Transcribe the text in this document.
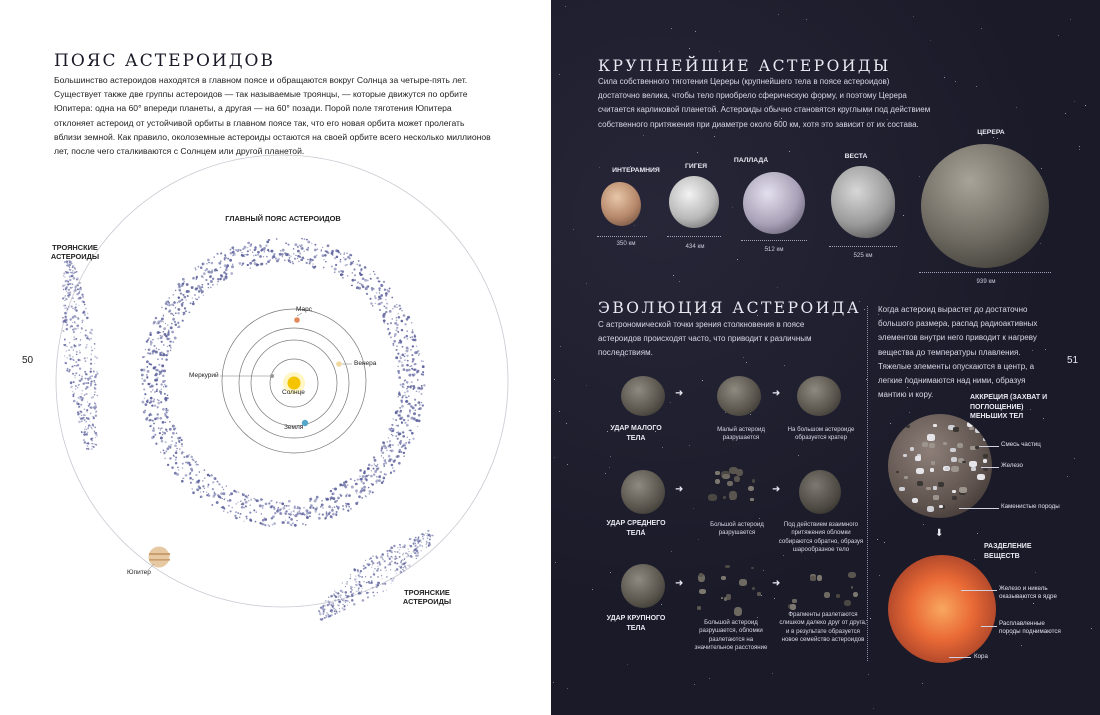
ПОЯС АСТЕРОИДОВ

Большинство астероидов находятся в главном поясе и обращаются вокруг Солнца за четыре-пять лет. Существует также две группы астероидов — так называемые троянцы, — которые движутся по орбите Юпитера: одна на 60° впереди планеты, а другая — на 60° позади. Порой поле тяготения Юпитера отклоняет астероид от устойчивой орбиты в главном поясе так, что его новая орбита может пролегать вблизи земной. Как правило, околоземные астероиды остаются на своей орбите всего несколько миллионов лет, после чего сталкиваются с Солнцем или другой планетой.

50
ГЛАВНЫЙ ПОЯС АСТЕРОИДОВ
ТРОЯНСКИЕ
АСТЕРОИДЫ
ТРОЯНСКИЕ
АСТЕРОИДЫ
Марс
Венера
Меркурий
Солнце
Земля
Юпитер
51
КРУПНЕЙШИЕ АСТЕРОИДЫ

Сила собственного тяготения Цереры (крупнейшего тела в поясе астероидов) достаточно велика, чтобы тело приобрело сферическую форму, и поэтому Церера считается карликовой планетой. Астероиды обычно становятся круглыми под действием собственного притяжения при диаметре около 600 км, хотя это зависит от их состава.

ИНТЕРАМНИЯ
ГИГЕЯ
ПАЛЛАДА
ВЕСТА
ЦЕРЕРА
350 км	434 км	512 км
525 км
939 км
ЭВОЛЮЦИЯ АСТЕРОИДА

С астрономической точки зрения столкновения в поясе астероидов происходят часто, что приводит к различным последствиям.

Когда астероид вырастет до достаточно большого размера, распад радиоактивных элементов внутри него приводит к нагреву вещества до температуры плавления. Тяжелые элементы опускаются в центр, а легкие поднимаются над ними, образуя мантию и кору.

➜	➜
УДАР МАЛОГО ТЕЛА
Малый астероид разрушается
На большом астероиде образуется кратер
➜	➜
УДАР СРЕДНЕГО ТЕЛА
Большой астероид разрушается
Под действием взаимного притяжения обломки собираются обратно, образуя шарообразное тело
➜	➜
УДАР КРУПНОГО ТЕЛА
Большой астероид разрушается, обломки разлетаются на значительное расстояние
Фрагменты разлетаются слишком далеко друг от друга, и в результате образуется новое семейство астероидов
АККРЕЦИЯ (ЗАХВАТ И ПОГЛОЩЕНИЕ) МЕНЬШИХ ТЕЛ
Смесь частиц
Железо
Каменистые породы
⬇
РАЗДЕЛЕНИЕ ВЕЩЕСТВ
Железо и никель оказываются в ядре
Расплавленные породы поднимаются
Кора
